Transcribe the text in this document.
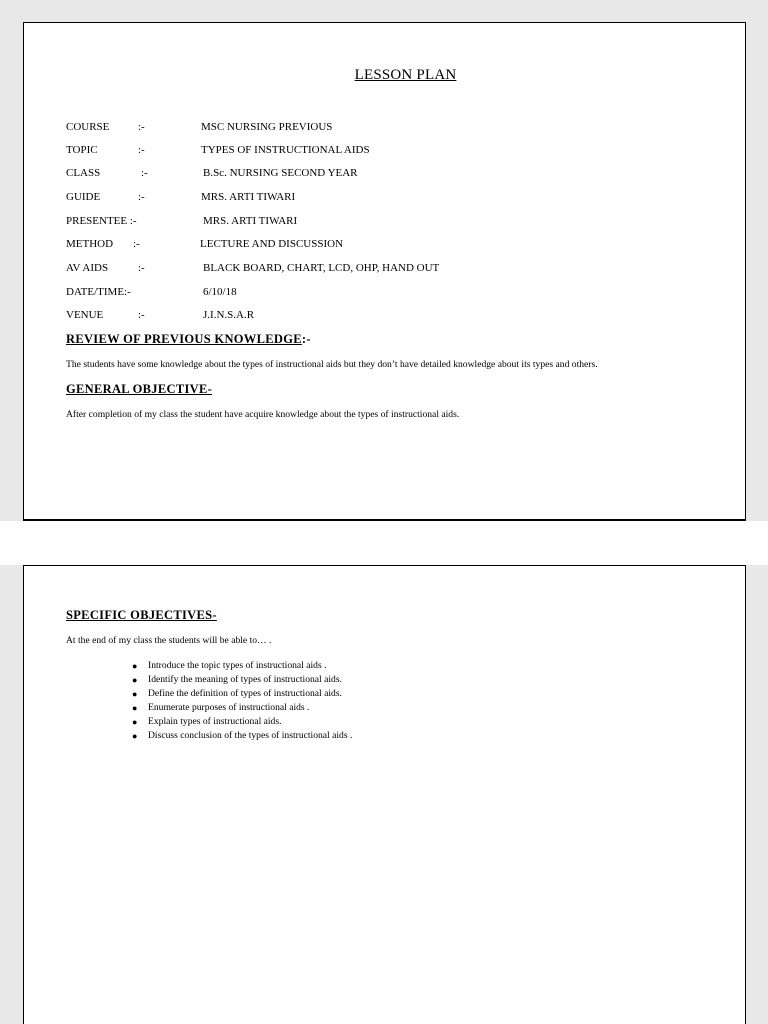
LESSON PLAN
COURSE	:-	MSC NURSING PREVIOUS
TOPIC	:-	TYPES OF INSTRUCTIONAL AIDS
CLASS	:-	B.Sc. NURSING SECOND YEAR
GUIDE	:-	MRS. ARTI TIWARI
PRESENTEE :-	MRS. ARTI TIWARI
METHOD :-	LECTURE AND DISCUSSION
AV AIDS	:-	BLACK BOARD, CHART, LCD, OHP, HAND OUT
DATE/TIME:-	6/10/18
VENUE	:-	J.I.N.S.A.R
REVIEW OF PREVIOUS KNOWLEDGE:-
The students have some knowledge about the types of instructional aids but they don’t have detailed knowledge about its types and others.
GENERAL OBJECTIVE-
After completion of my class the student have acquire knowledge about the types of instructional aids.
SPECIFIC OBJECTIVES-
At the end of my class the students will be able to… .
● Introduce the topic types of instructional aids .
● Identify the meaning of types of instructional aids.
● Define the definition of types of instructional aids.
● Enumerate purposes of instructional aids .
● Explain types of instructional aids.
● Discuss conclusion of the types of instructional aids .
